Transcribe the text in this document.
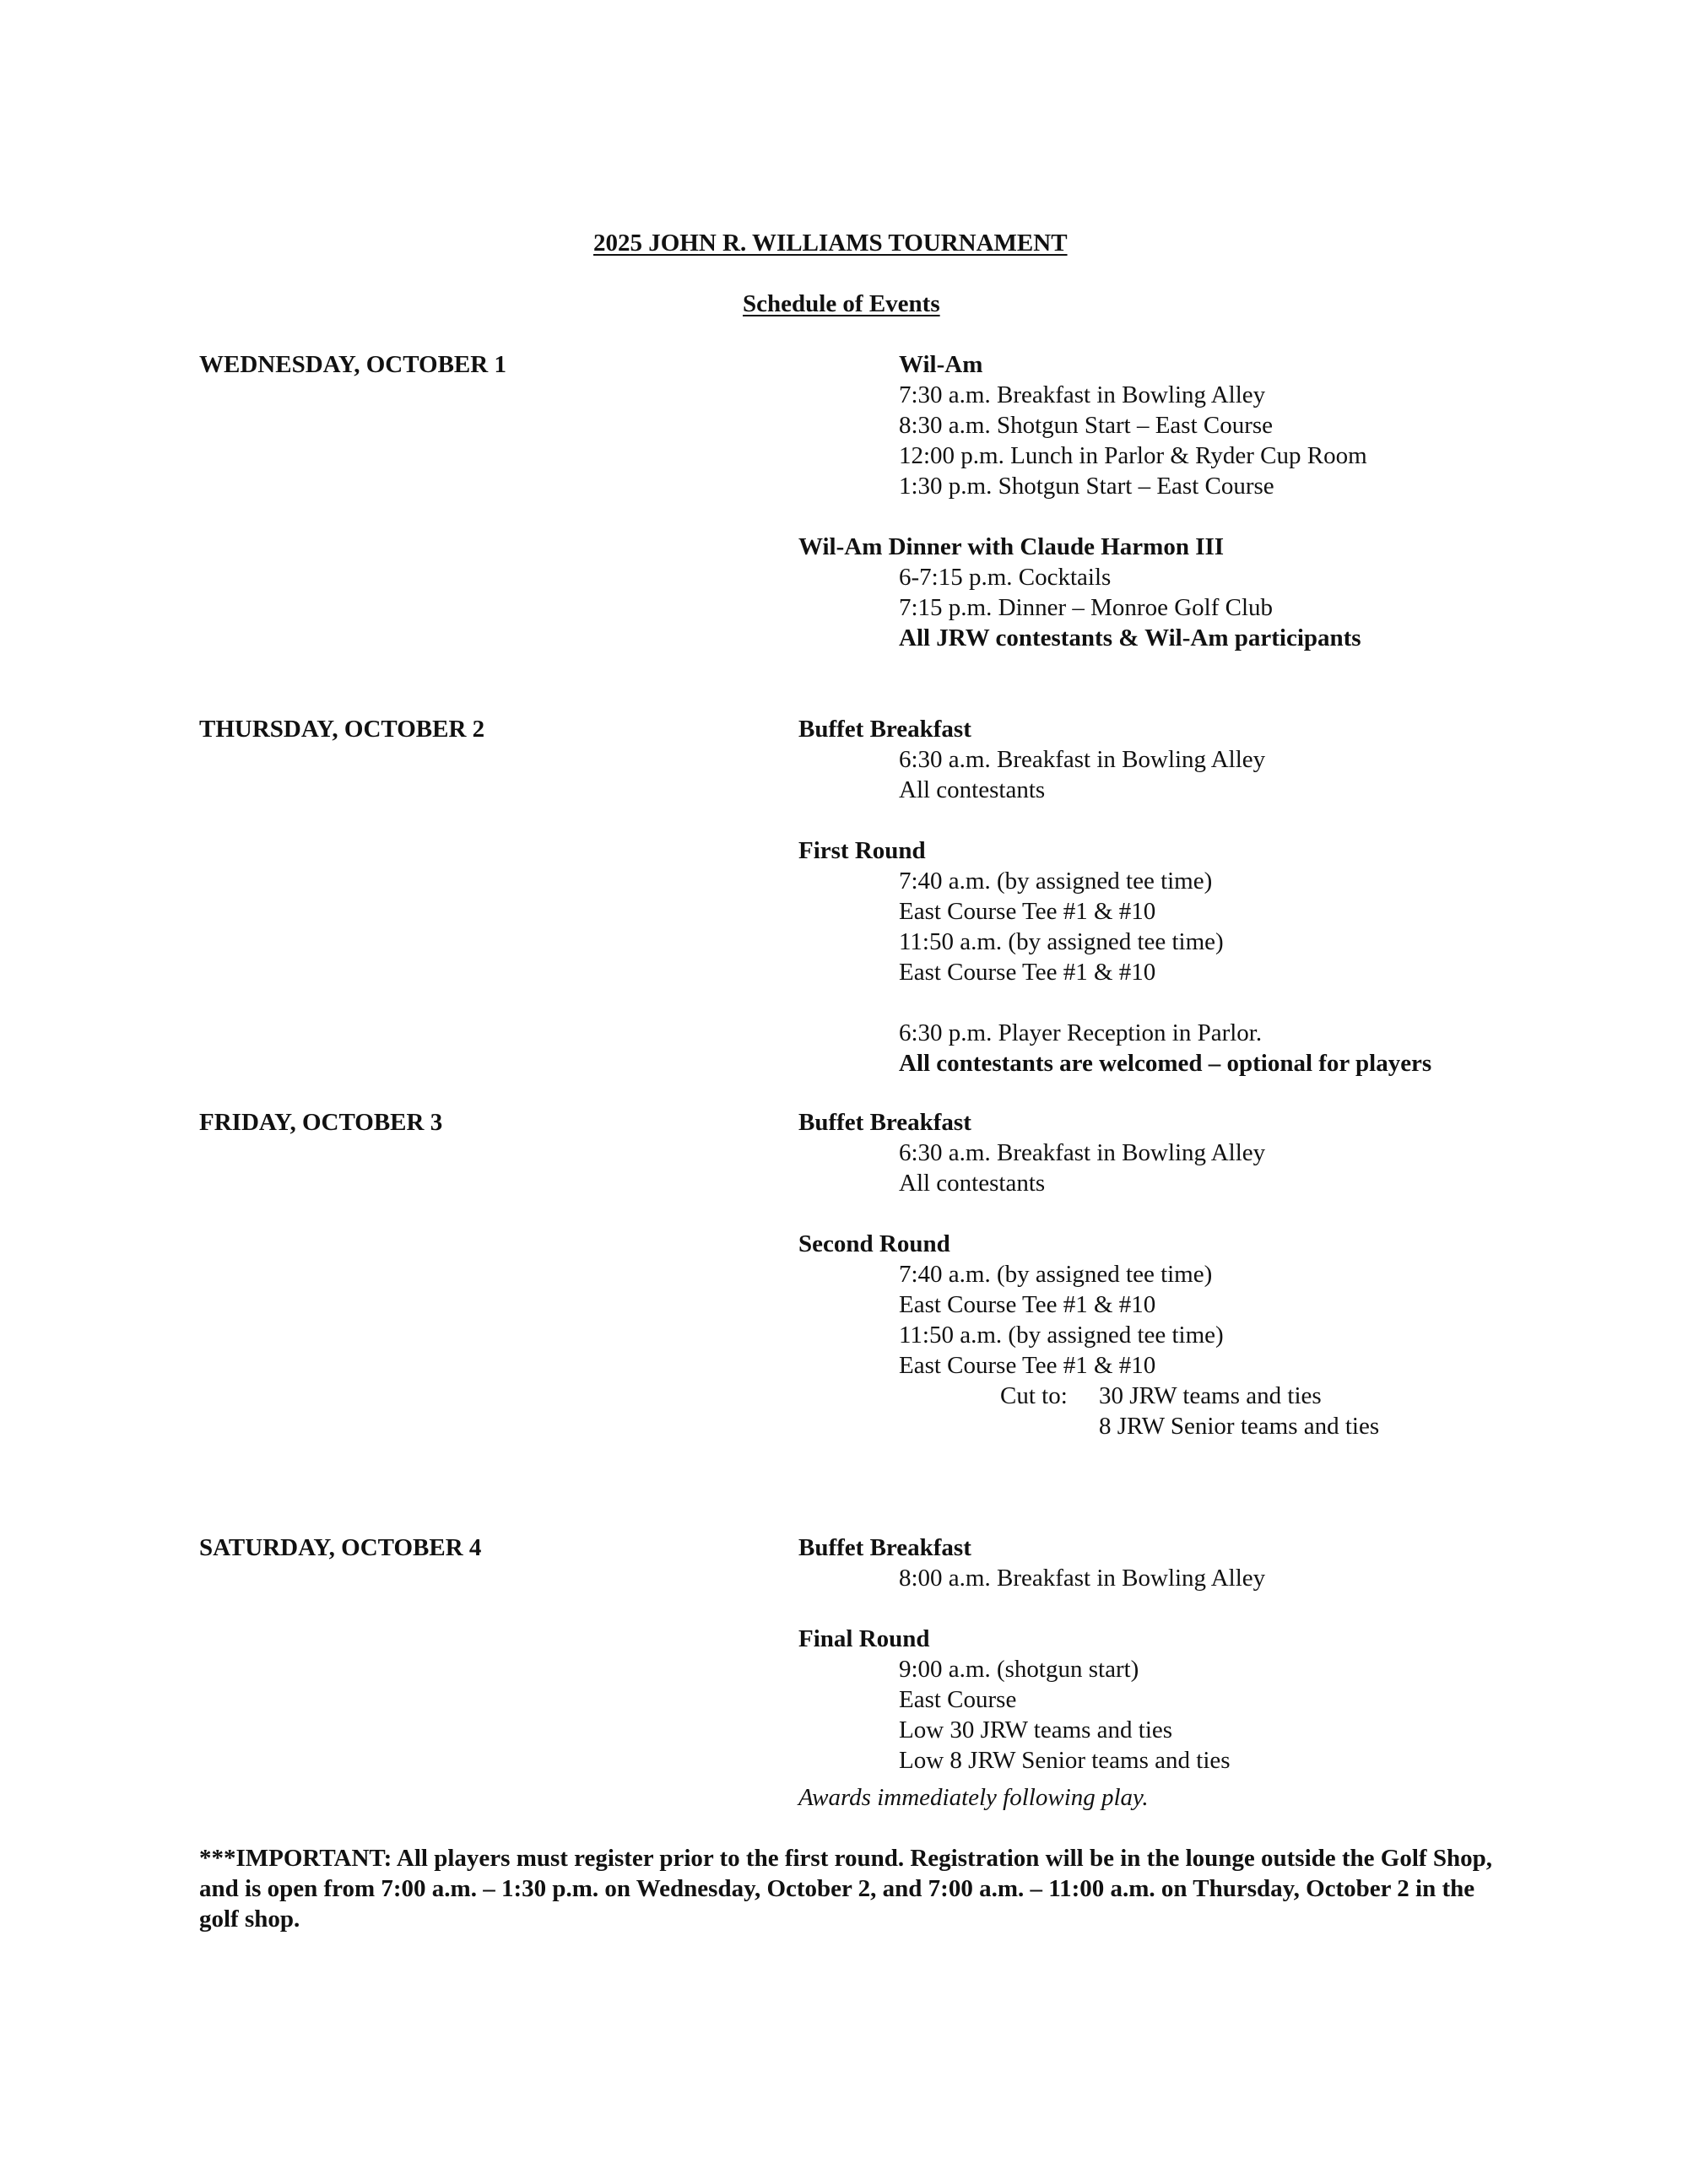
2025 JOHN R. WILLIAMS TOURNAMENT
Schedule of Events
WEDNESDAY, OCTOBER 1	Wil-Am
7:30 a.m. Breakfast in Bowling Alley
8:30 a.m. Shotgun Start – East Course
12:00 p.m. Lunch in Parlor & Ryder Cup Room
1:30 p.m. Shotgun Start – East Course
Wil-Am Dinner with Claude Harmon III
6-7:15 p.m. Cocktails
7:15 p.m. Dinner – Monroe Golf Club
All JRW contestants & Wil-Am participants
THURSDAY, OCTOBER 2	Buffet Breakfast
6:30 a.m. Breakfast in Bowling Alley
All contestants
First Round
7:40 a.m. (by assigned tee time)
East Course Tee #1 & #10
11:50 a.m. (by assigned tee time)
East Course Tee #1 & #10
6:30 p.m. Player Reception in Parlor.
All contestants are welcomed – optional for players
FRIDAY, OCTOBER 3	Buffet Breakfast
6:30 a.m. Breakfast in Bowling Alley
All contestants
Second Round
7:40 a.m. (by assigned tee time)
East Course Tee #1 & #10
11:50 a.m. (by assigned tee time)
East Course Tee #1 & #10
Cut to: 30 JRW teams and ties
8 JRW Senior teams and ties
SATURDAY, OCTOBER 4	Buffet Breakfast
8:00 a.m. Breakfast in Bowling Alley
Final Round
9:00 a.m. (shotgun start)
East Course
Low 30 JRW teams and ties
Low 8 JRW Senior teams and ties
Awards immediately following play.
***IMPORTANT: All players must register prior to the first round. Registration will be in the lounge outside the Golf Shop, and is open from 7:00 a.m. – 1:30 p.m. on Wednesday, October 2, and 7:00 a.m. – 11:00 a.m. on Thursday, October 2 in the golf shop.
